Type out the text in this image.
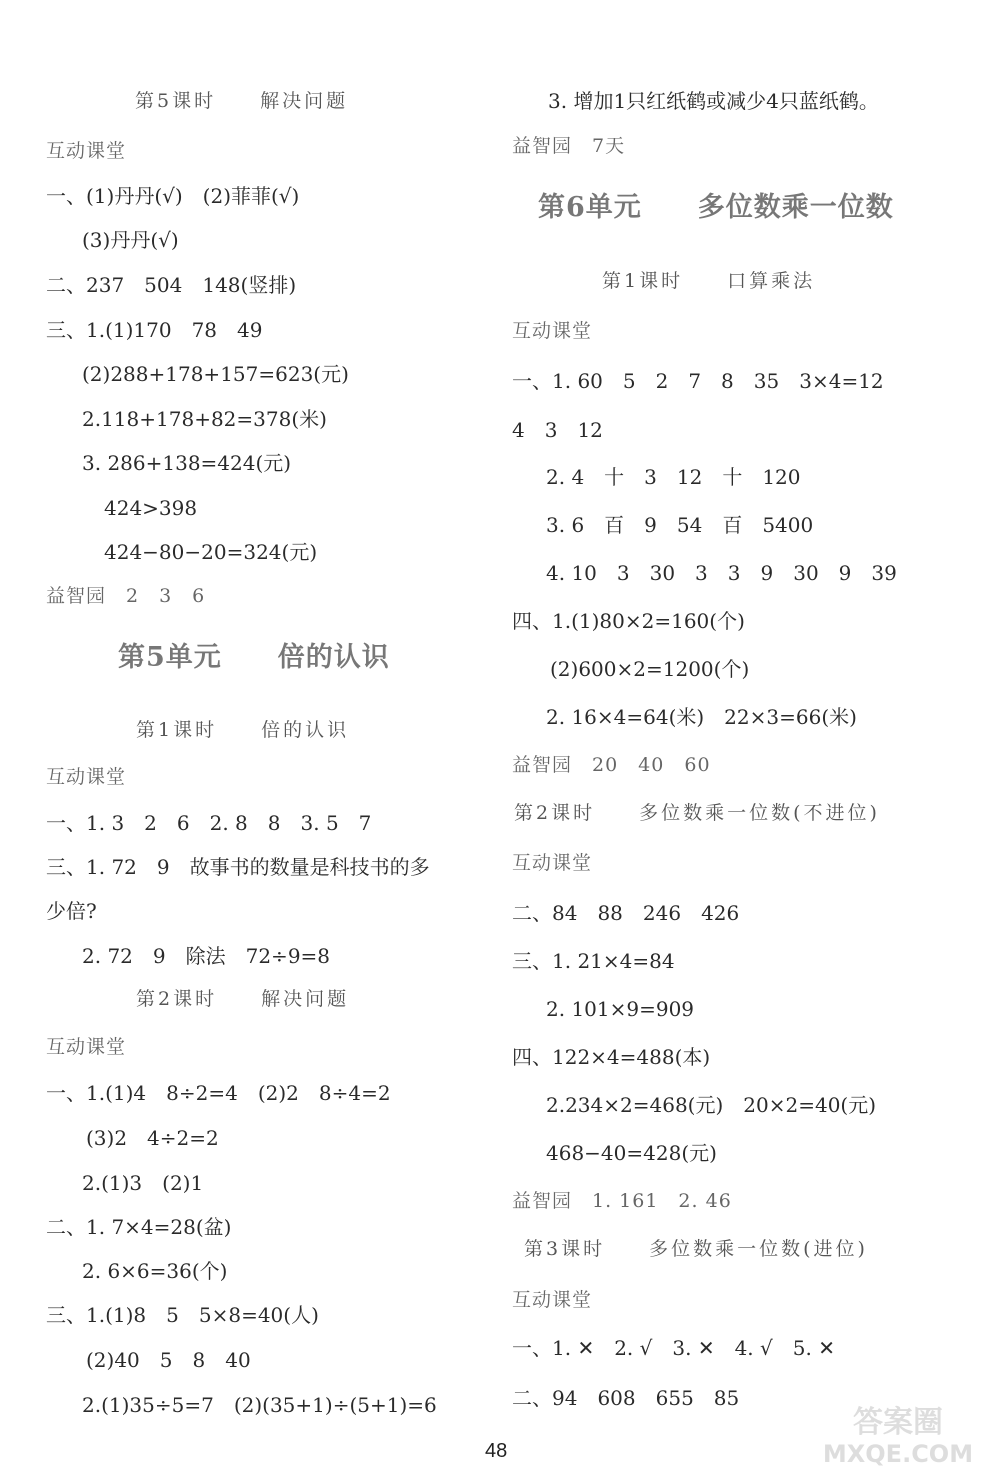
第5课时　　解决问题
互动课堂
一、(1)丹丹(√)　(2)菲菲(√)
(3)丹丹(√)
二、237　504　148(竖排)
三、1.(1)170　78　49
(2)288+178+157=623(元)
2.118+178+82=378(米)
3. 286+138=424(元)
424>398
424−80−20=324(元)
益智园　2　3　6
第5单元　　倍的认识
第1课时　　倍的认识
互动课堂
一、1. 3　2　6　2. 8　8　3. 5　7
三、1. 72　9　故事书的数量是科技书的多
少倍?
2. 72　9　除法　72÷9=8
第2课时　　解决问题
互动课堂
一、1.(1)4　8÷2=4　(2)2　8÷4=2
(3)2　4÷2=2
2.(1)3　(2)1
二、1. 7×4=28(盆)
2. 6×6=36(个)
三、1.(1)8　5　5×8=40(人)
(2)40　5　8　40
2.(1)35÷5=7　(2)(35+1)÷(5+1)=6
3. 增加1只红纸鹤或减少4只蓝纸鹤。
益智园　7天
第6单元　　多位数乘一位数
第1课时　　口算乘法
互动课堂
一、1. 60　5　2　7　8　35　3×4=12
4　3　12
2. 4　十　3　12　十　120
3. 6　百　9　54　百　5400
4. 10　3　30　3　3　9　30　9　39
四、1.(1)80×2=160(个)
(2)600×2=1200(个)
2. 16×4=64(米)　22×3=66(米)
益智园　20　40　60
第2课时　　多位数乘一位数(不进位)
互动课堂
二、84　88　246　426
三、1. 21×4=84
2. 101×9=909
四、122×4=488(本)
2.234×2=468(元)　20×2=40(元)
468−40=428(元)
益智园　1. 161　2. 46
第3课时　　多位数乘一位数(进位)
互动课堂
一、1. ✕　2. √　3. ✕　4. √　5. ✕
二、94　608　655　85
48
答案圈
MXQE.COM
